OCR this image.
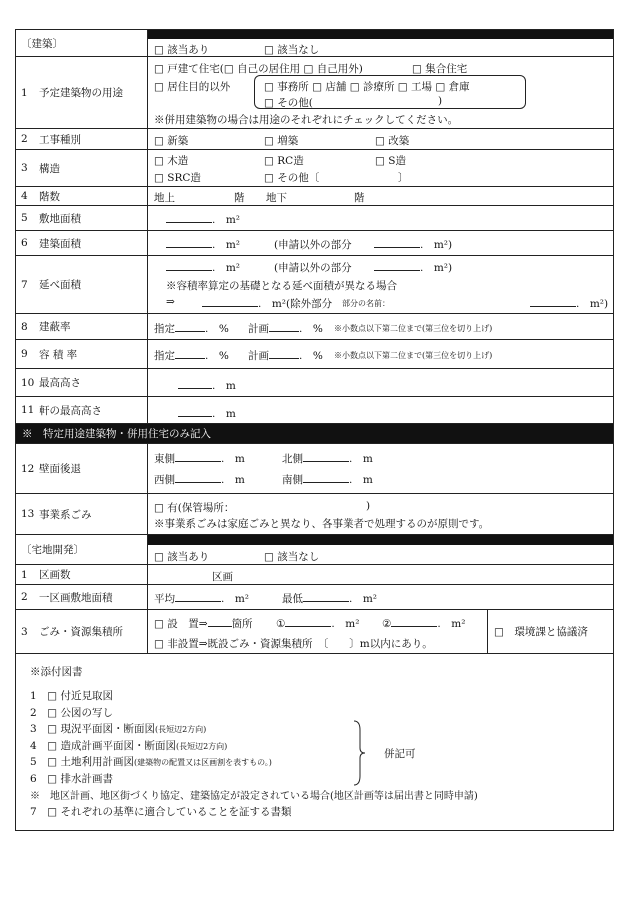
〔建築〕
□ 該当あり	□ 該当なし
1	予定建築物の用途
□ 戸建て住宅(□ 自己の居住用 □ 自己用外)	□ 集合住宅
□ 居住目的以外	□ 事務所 □ 店舗 □ 診療所 □ 工場 □ 倉庫
□ その他(	)
※併用建築物の場合は用途のそれぞれにチェックしてください。
2	工事種別	□ 新築	□ 増築	□ 改築
3	構造
□ 木造	□ RC造	□ S造
□ SRC造	□ その他〔	〕
4	階数	地上	階 地下	階
5	敷地面積	.　m²
6	建築面積	.　m²	(申請以外の部分	.　m²)
7	延べ面積
.　m²	(申請以外の部分	.　m²)
※容積率算定の基礎となる延べ面積が異なる場合
⇒	.　m²(除外部分 部分の名前：	.　m²)
8	建蔽率	指定	.　% 計画	.　% ※小数点以下第二位まで(第三位を切り上げ)
9	容 積 率	指定	.　% 計画	.　% ※小数点以下第二位まで(第三位を切り上げ)
10 最高高さ	.　m
11 軒の最高高さ	.　m
※　特定用途建築物・併用住宅のみ記入
12 壁面後退
東側	.　m	北側	.　m
西側	.　m	南側	.　m
13 事業系ごみ
□ 有(保管場所：	)
※事業系ごみは家庭ごみと異なり、各事業者で処理するのが原則です。
〔宅地開発〕
□ 該当あり	□ 該当なし
1	区画数	区画
2	一区画敷地面積	平均	.　m²	最低	.　m²
3	ごみ・資源集積所
□ 設　置⇒ 箇所 ①	.　m² ②	.　m²
□ 非設置⇒既設ごみ・資源集積所　〔　　〕m以内にあり。
□　環境課と協議済
※添付図書
1　□ 付近見取図
2　□ 公図の写し
3　□ 現況平面図・断面図(長短辺2方向)
4　□ 造成計画平面図・断面図(長短辺2方向)
5　□ 土地利用計画図(建築物の配置又は区画割を表すもの。)
6　□ 排水計画書
併記可
※　地区計画、地区街づくり協定、建築協定が設定されている場合(地区計画等は届出書と同時申請)
7　□ それぞれの基準に適合していることを証する書類
